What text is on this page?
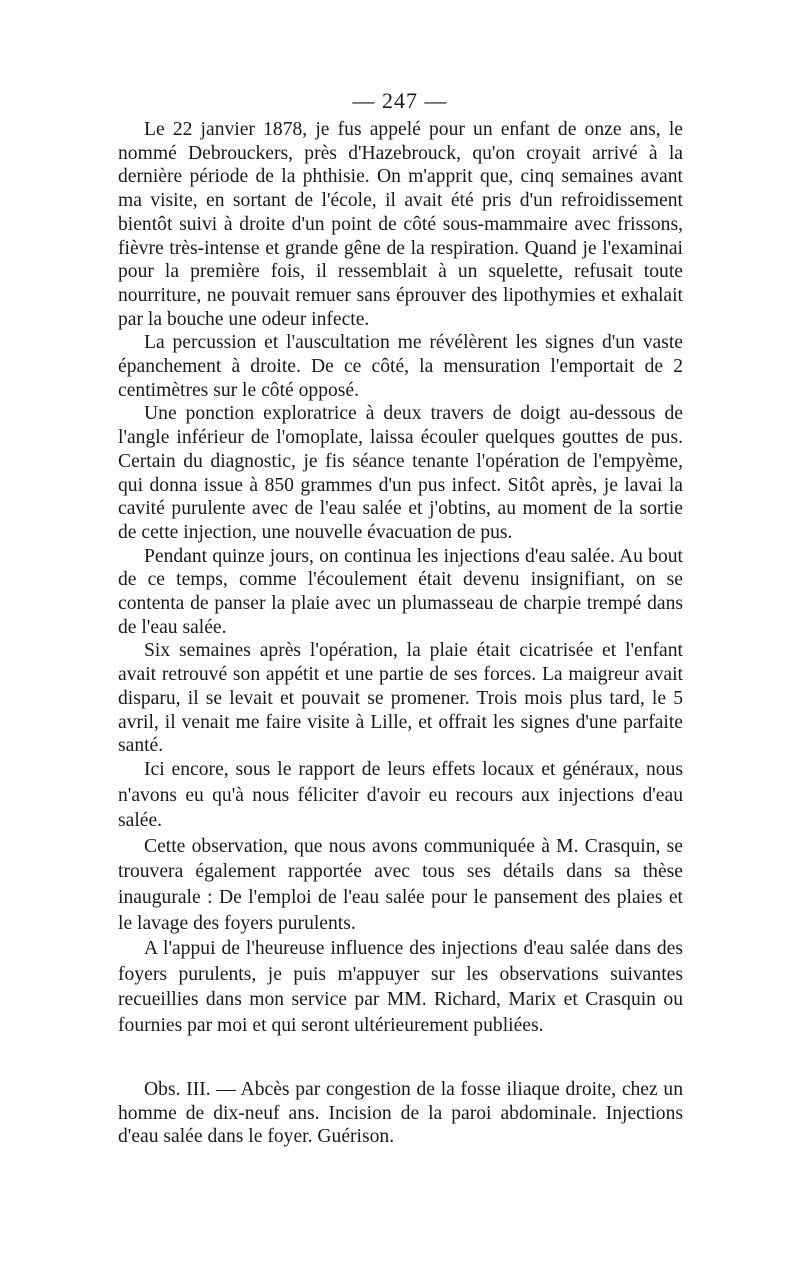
— 247 —

Le 22 janvier 1878, je fus appelé pour un enfant de onze ans, le nommé Debrouckers, près d'Hazebrouck, qu'on croyait arrivé à la dernière période de la phthisie. On m'apprit que, cinq semaines avant ma visite, en sortant de l'école, il avait été pris d'un refroidissement bientôt suivi à droite d'un point de côté sous-mammaire avec frissons, fièvre très-intense et grande gêne de la respiration. Quand je l'examinai pour la première fois, il ressemblait à un squelette, refusait toute nourriture, ne pouvait remuer sans éprouver des lipothymies et exhalait par la bouche une odeur infecte.

La percussion et l'auscultation me révélèrent les signes d'un vaste épanchement à droite. De ce côté, la mensuration l'emportait de 2 centimètres sur le côté opposé.

Une ponction exploratrice à deux travers de doigt au-dessous de l'angle inférieur de l'omoplate, laissa écouler quelques gouttes de pus. Certain du diagnostic, je fis séance tenante l'opération de l'empyème, qui donna issue à 850 grammes d'un pus infect. Sitôt après, je lavai la cavité purulente avec de l'eau salée et j'obtins, au moment de la sortie de cette injection, une nouvelle évacuation de pus.

Pendant quinze jours, on continua les injections d'eau salée. Au bout de ce temps, comme l'écoulement était devenu insignifiant, on se contenta de panser la plaie avec un plumasseau de charpie trempé dans de l'eau salée.

Six semaines après l'opération, la plaie était cicatrisée et l'enfant avait retrouvé son appétit et une partie de ses forces. La maigreur avait disparu, il se levait et pouvait se promener. Trois mois plus tard, le 5 avril, il venait me faire visite à Lille, et offrait les signes d'une parfaite santé.

Ici encore, sous le rapport de leurs effets locaux et généraux, nous n'avons eu qu'à nous féliciter d'avoir eu recours aux injections d'eau salée.

Cette observation, que nous avons communiquée à M. Crasquin, se trouvera également rapportée avec tous ses détails dans sa thèse inaugurale : De l'emploi de l'eau salée pour le pansement des plaies et le lavage des foyers purulents.

A l'appui de l'heureuse influence des injections d'eau salée dans des foyers purulents, je puis m'appuyer sur les observations suivantes recueillies dans mon service par MM. Richard, Marix et Crasquin ou fournies par moi et qui seront ultérieurement publiées.

Obs. III. — Abcès par congestion de la fosse iliaque droite, chez un homme de dix-neuf ans. Incision de la paroi abdominale. Injections d'eau salée dans le foyer. Guérison.
